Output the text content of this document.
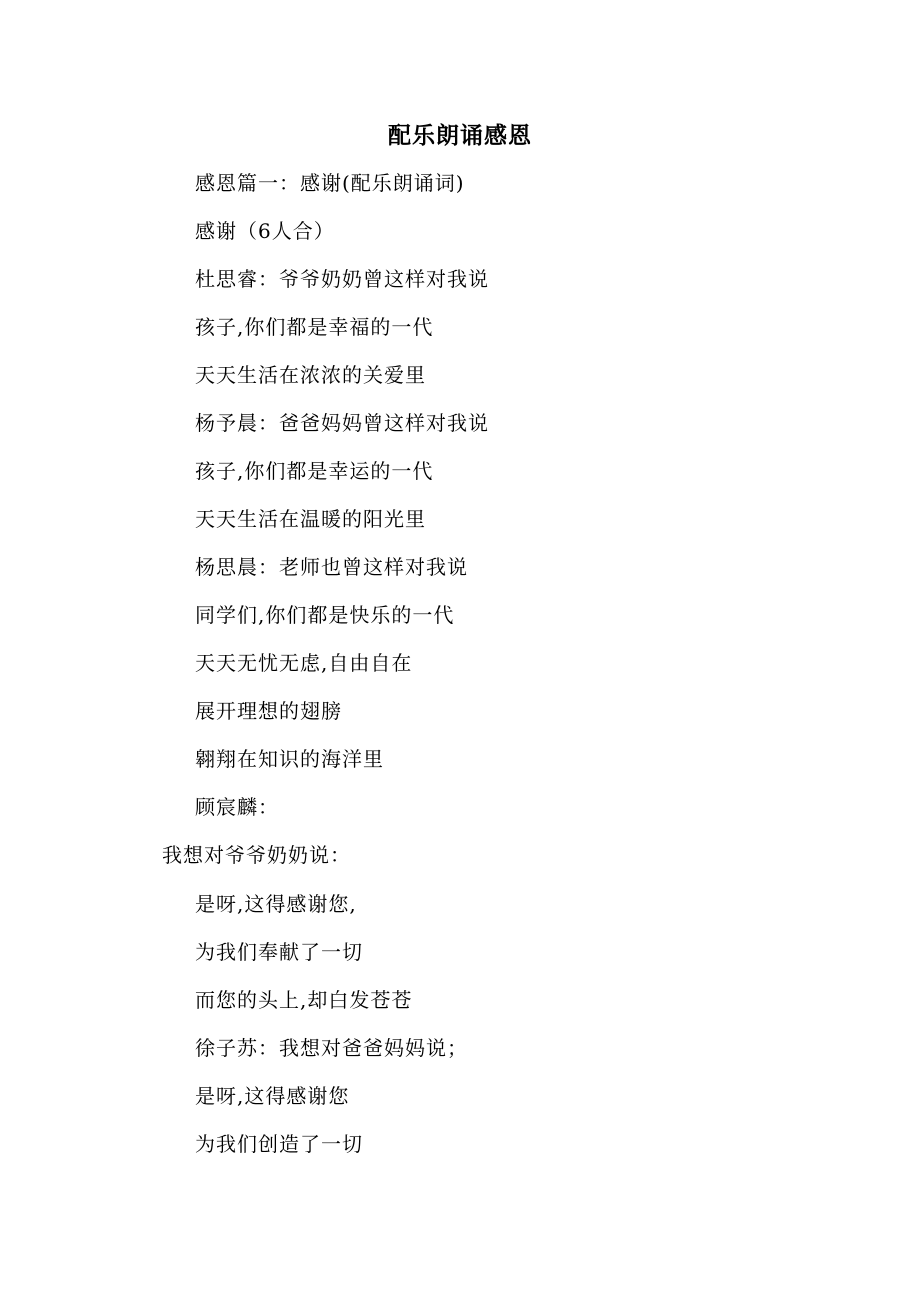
配乐朗诵感恩
感恩篇一：感谢(配乐朗诵词)
感谢（6人合）
杜思睿：爷爷奶奶曾这样对我说
孩子,你们都是幸福的一代
天天生活在浓浓的关爱里
杨予晨：爸爸妈妈曾这样对我说
孩子,你们都是幸运的一代
天天生活在温暖的阳光里
杨思晨：老师也曾这样对我说
同学们,你们都是快乐的一代
天天无忧无虑,自由自在
展开理想的翅膀
翱翔在知识的海洋里
顾宸麟：
我想对爷爷奶奶说：
是呀,这得感谢您,
为我们奉献了一切
而您的头上,却白发苍苍
徐子苏：我想对爸爸妈妈说；
是呀,这得感谢您
为我们创造了一切
